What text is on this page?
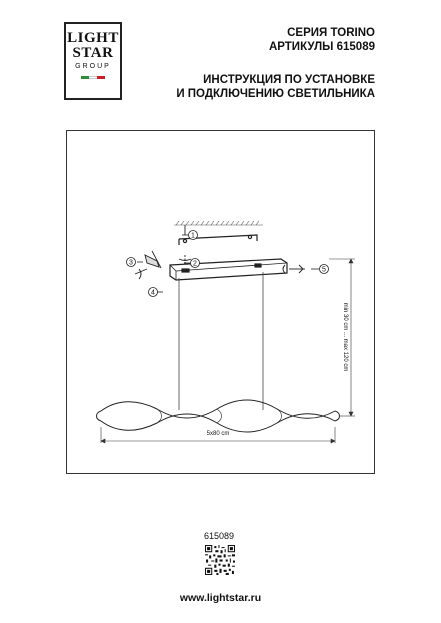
LIGHT
STAR
GROUP
СЕРИЯ TORINO
АРТИКУЛЫ 615089
ИНСТРУКЦИЯ ПО УСТАНОВКЕ
И ПОДКЛЮЧЕНИЮ СВЕТИЛЬНИКА
1
2
3
4
5
5x80 cm
min 30 cm ... max 120 cm
615089
www.lightstar.ru
